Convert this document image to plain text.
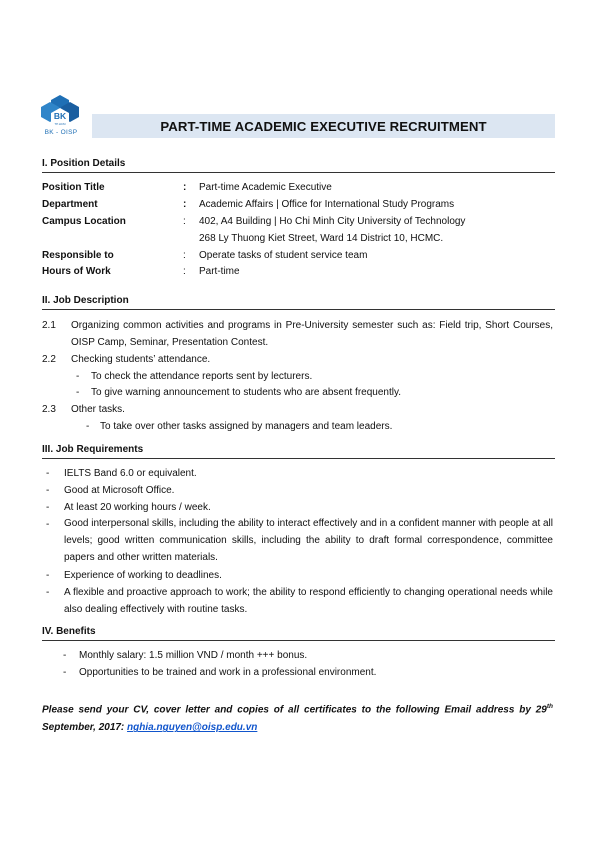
BK
TP.HCM
BK - OISP	PART-TIME ACADEMIC EXECUTIVE RECRUITMENT
I. Position Details
Position Title	:	Part-time Academic Executive
Department	:	Academic Affairs | Office for International Study Programs
Campus Location	:	402, A4 Building | Ho Chi Minh City University of Technology
268 Ly Thuong Kiet Street, Ward 14 District 10, HCMC.
Responsible to	:	Operate tasks of student service team
Hours of Work	:	Part-time
II. Job Description
2.1 Organizing common activities and programs in Pre-University semester such as: Field trip, Short Courses, OISP Camp, Seminar, Presentation Contest.
2.2 Checking students’ attendance.
- To check the attendance reports sent by lecturers.
- To give warning announcement to students who are absent frequently.
2.3 Other tasks.
- To take over other tasks assigned by managers and team leaders.
III. Job Requirements
- IELTS Band 6.0 or equivalent.
- Good at Microsoft Office.
- At least 20 working hours / week.
- Good interpersonal skills, including the ability to interact effectively and in a confident manner with people at all levels; good written communication skills, including the ability to draft formal correspondence, committee papers and other written materials.
- Experience of working to deadlines.
- A flexible and proactive approach to work; the ability to respond efficiently to changing operational needs while also dealing effectively with routine tasks.
IV. Benefits
- Monthly salary: 1.5 million VND / month +++ bonus.
- Opportunities to be trained and work in a professional environment.
Please send your CV, cover letter and copies of all certificates to the following Email address by 29th September, 2017: nghia.nguyen@oisp.edu.vn
